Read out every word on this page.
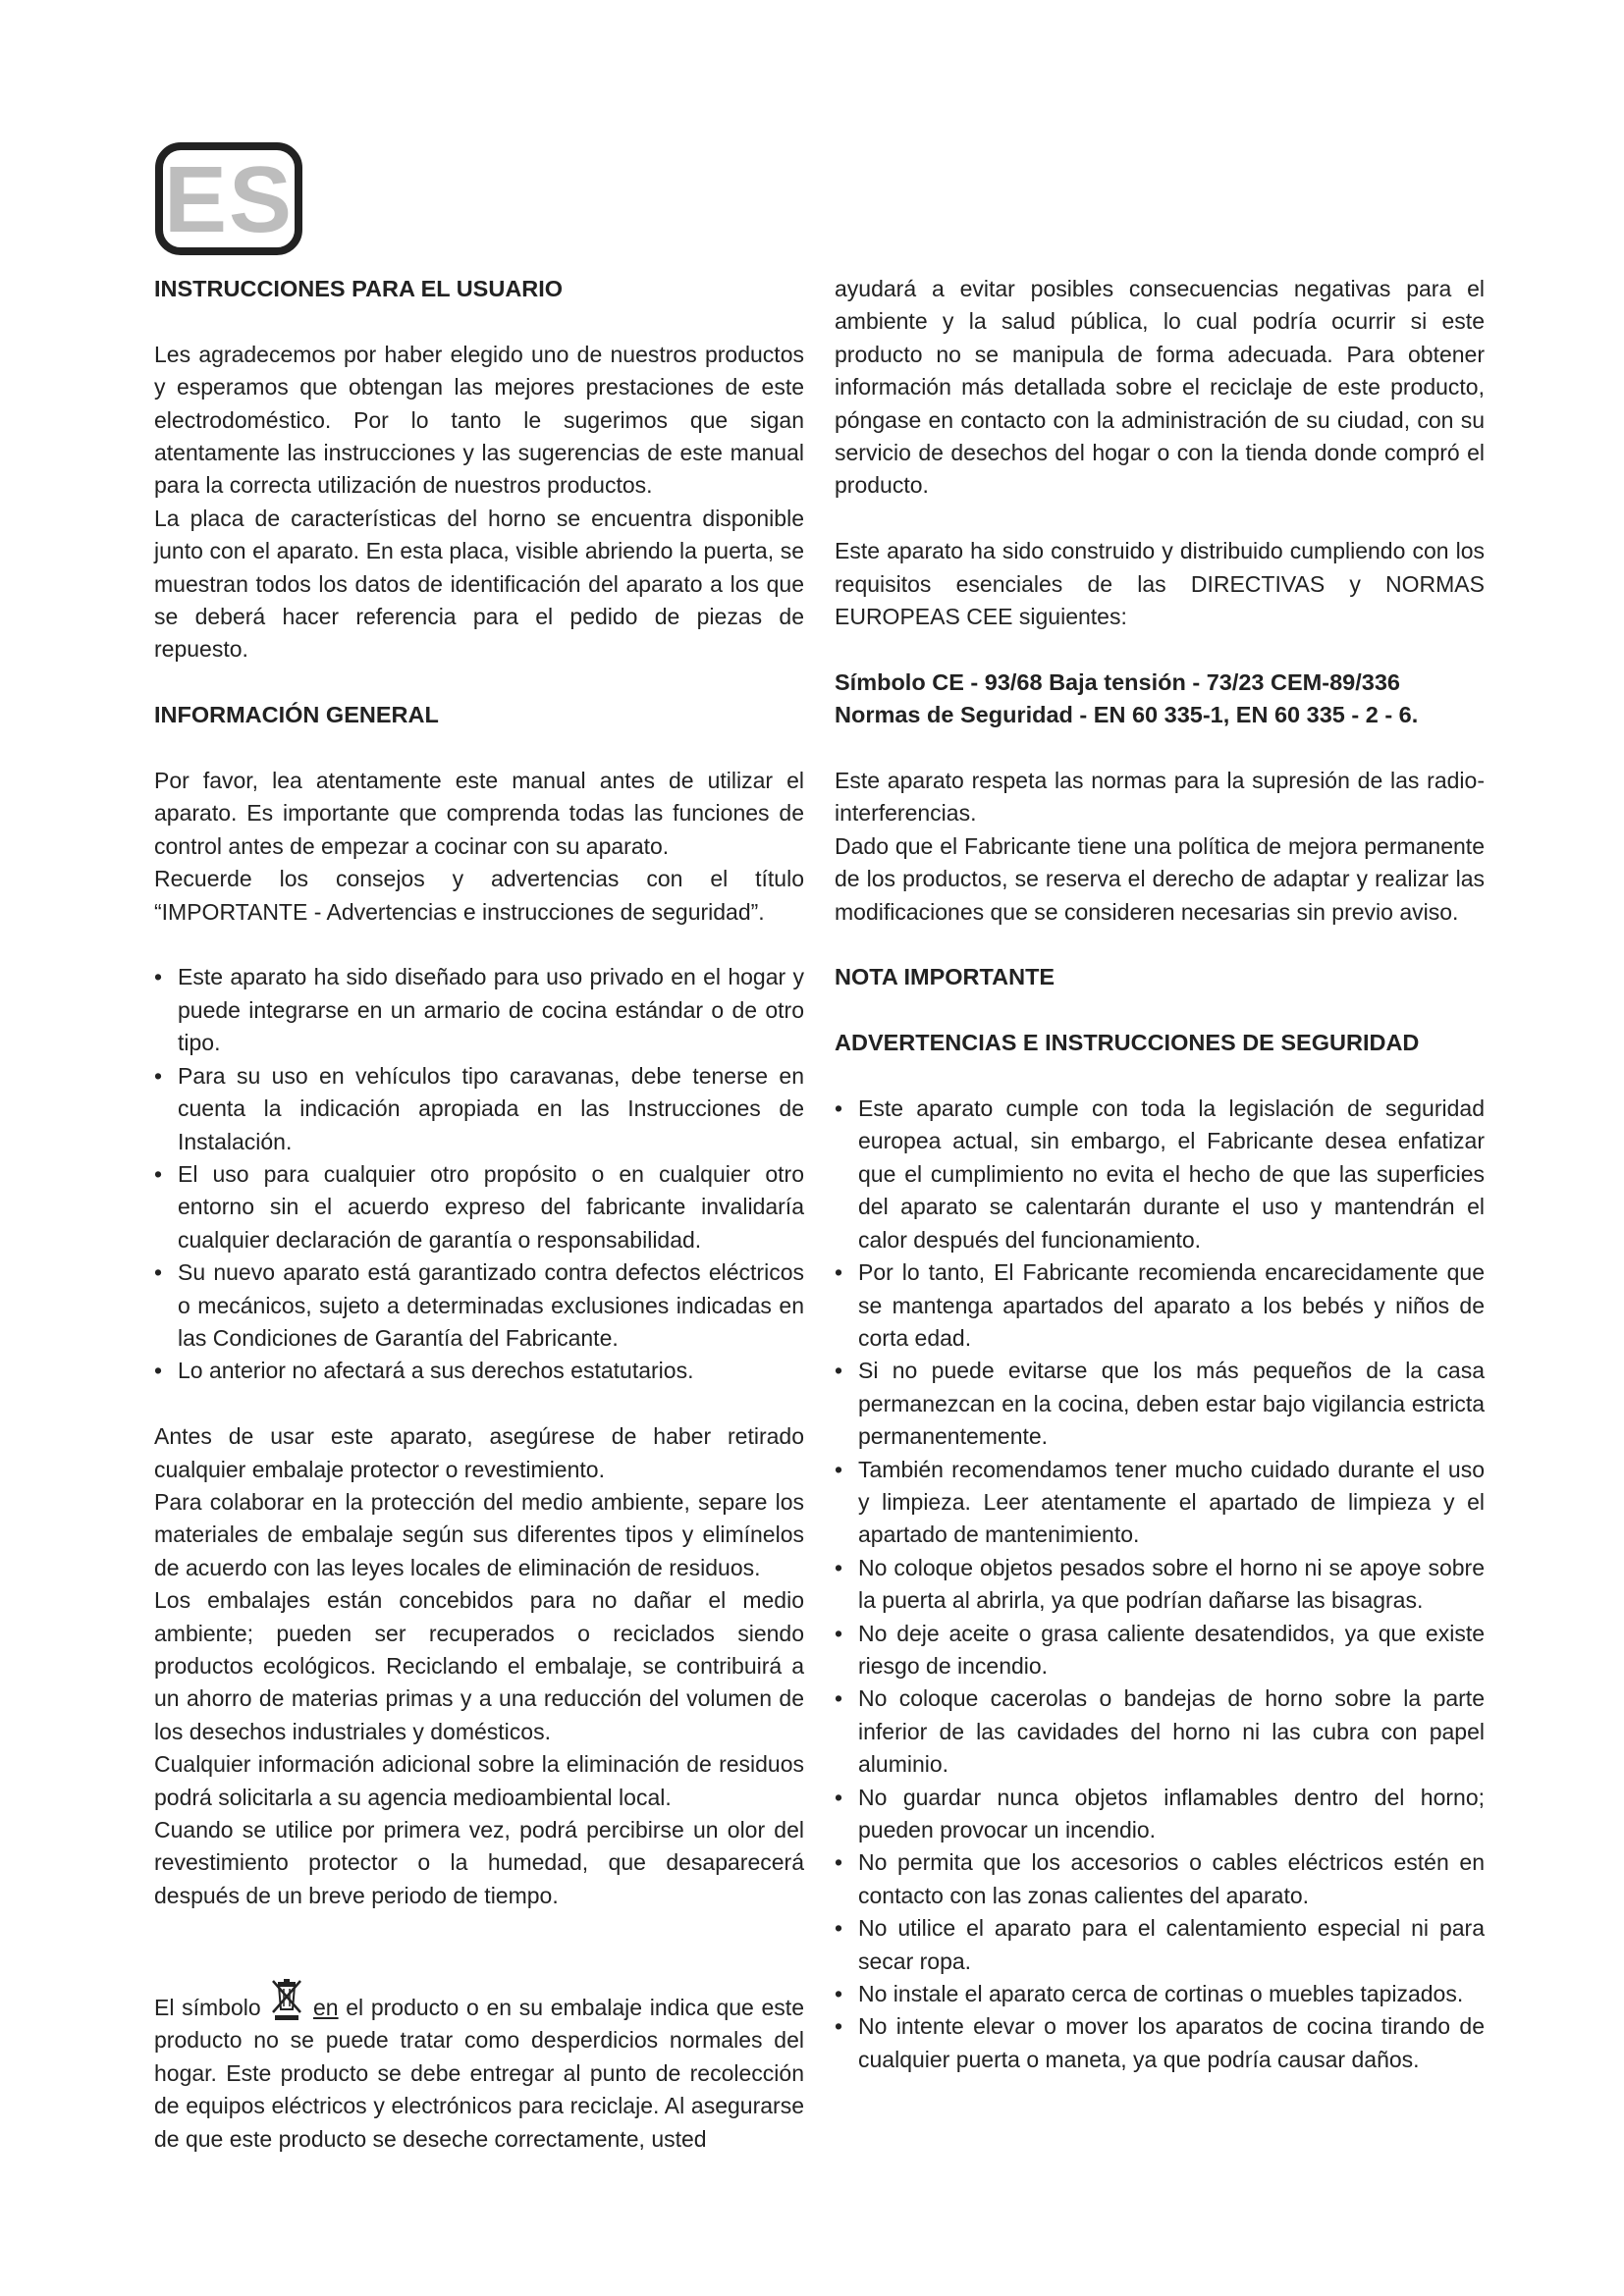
ES

INSTRUCCIONES PARA EL USUARIO

Les agradecemos por haber elegido uno de nuestros productos y esperamos que obtengan las mejores prestaciones de este electrodoméstico. Por lo tanto le sugerimos que sigan atentamente las instrucciones y las sugerencias de este manual para la correcta utilización de nuestros productos.

La placa de características del horno se encuentra disponible junto con el aparato. En esta placa, visible abriendo la puerta, se muestran todos los datos de identificación del aparato a los que se deberá hacer referencia para el pedido de piezas de repuesto.

INFORMACIÓN GENERAL

Por favor, lea atentamente este manual antes de utilizar el aparato. Es importante que comprenda todas las funciones de control antes de empezar a cocinar con su aparato.

Recuerde los consejos y advertencias con el título “IMPORTANTE - Advertencias e instrucciones de seguridad”.

• Este aparato ha sido diseñado para uso privado en el hogar y puede integrarse en un armario de cocina estándar o de otro tipo.
• Para su uso en vehículos tipo caravanas, debe tenerse en cuenta la indicación apropiada en las Instrucciones de Instalación.
• El uso para cualquier otro propósito o en cualquier otro entorno sin el acuerdo expreso del fabricante invalidaría cualquier declaración de garantía o responsabilidad.
• Su nuevo aparato está garantizado contra defectos eléctricos o mecánicos, sujeto a determinadas exclusiones indicadas en las Condiciones de Garantía del Fabricante.
• Lo anterior no afectará a sus derechos estatutarios.

Antes de usar este aparato, asegúrese de haber retirado cualquier embalaje protector o revestimiento.

Para colaborar en la protección del medio ambiente, separe los materiales de embalaje según sus diferentes tipos y elimínelos de acuerdo con las leyes locales de eliminación de residuos.

Los embalajes están concebidos para no dañar el medio ambiente; pueden ser recuperados o reciclados siendo productos ecológicos. Reciclando el embalaje, se contribuirá a un ahorro de materias primas y a una reducción del volumen de los desechos industriales y domésticos.

Cualquier información adicional sobre la eliminación de residuos podrá solicitarla a su agencia medioambiental local.

Cuando se utilice por primera vez, podrá percibirse un olor del revestimiento protector o la humedad, que desaparecerá después de un breve periodo de tiempo.

El símbolo en el producto o en su embalaje indica que este producto no se puede tratar como desperdicios normales del hogar. Este producto se debe entregar al punto de recolección de equipos eléctricos y electrónicos para reciclaje. Al asegurarse de que este producto se deseche correctamente, usted

ayudará a evitar posibles consecuencias negativas para el ambiente y la salud pública, lo cual podría ocurrir si este producto no se manipula de forma adecuada. Para obtener información más detallada sobre el reciclaje de este producto, póngase en contacto con la administración de su ciudad, con su servicio de desechos del hogar o con la tienda donde compró el producto.

Este aparato ha sido construido y distribuido cumpliendo con los requisitos esenciales de las DIRECTIVAS y NORMAS EUROPEAS CEE siguientes:

Símbolo CE - 93/68 Baja tensión - 73/23 CEM-89/336

Normas de Seguridad - EN 60 335-1, EN 60 335 - 2 - 6.

Este aparato respeta las normas para la supresión de las radio-interferencias.

Dado que el Fabricante tiene una política de mejora permanente de los productos, se reserva el derecho de adaptar y realizar las modificaciones que se consideren necesarias sin previo aviso.

NOTA IMPORTANTE

ADVERTENCIAS E INSTRUCCIONES DE SEGURIDAD

• Este aparato cumple con toda la legislación de seguridad europea actual, sin embargo, el Fabricante desea enfatizar que el cumplimiento no evita el hecho de que las superficies del aparato se calentarán durante el uso y mantendrán el calor después del funcionamiento.
• Por lo tanto, El Fabricante recomienda encarecidamente que se mantenga apartados del aparato a los bebés y niños de corta edad.
• Si no puede evitarse que los más pequeños de la casa permanezcan en la cocina, deben estar bajo vigilancia estricta permanentemente.
• También recomendamos tener mucho cuidado durante el uso y limpieza. Leer atentamente el apartado de limpieza y el apartado de mantenimiento.
• No coloque objetos pesados sobre el horno ni se apoye sobre la puerta al abrirla, ya que podrían dañarse las bisagras.
• No deje aceite o grasa caliente desatendidos, ya que existe riesgo de incendio.
• No coloque cacerolas o bandejas de horno sobre la parte inferior de las cavidades del horno ni las cubra con papel aluminio.
• No guardar nunca objetos inflamables dentro del horno; pueden provocar un incendio.
• No permita que los accesorios o cables eléctricos estén en contacto con las zonas calientes del aparato.
• No utilice el aparato para el calentamiento especial ni para secar ropa.
• No instale el aparato cerca de cortinas o muebles tapizados.
• No intente elevar o mover los aparatos de cocina tirando de cualquier puerta o maneta, ya que podría causar daños.
